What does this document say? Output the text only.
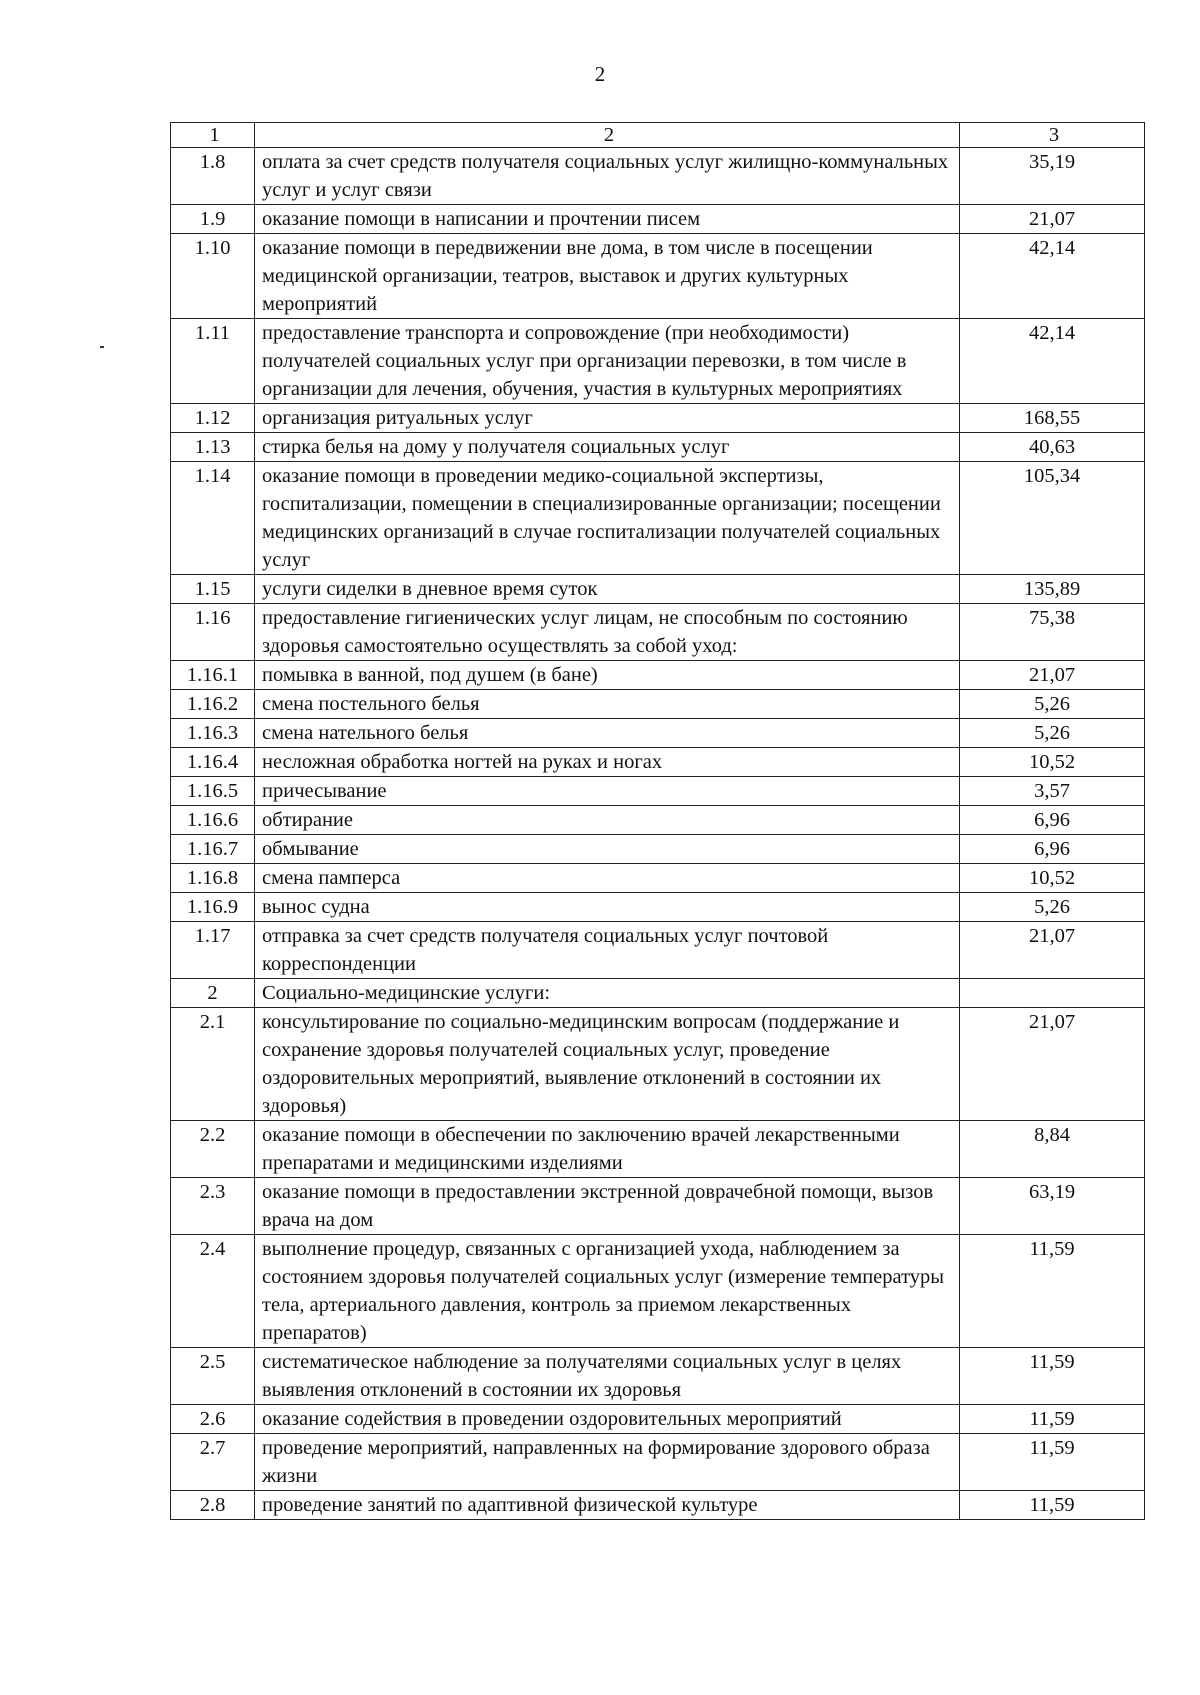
2
1	2	3
1.8	оплата за счет средств получателя социальных услуг жилищно-коммунальных услуг и услуг связи	35,19
1.9	оказание помощи в написании и прочтении писем	21,07
1.10	оказание помощи в передвижении вне дома, в том числе в посещении медицинской организации, театров, выставок и других культурных мероприятий	42,14
1.11	предоставление транспорта и сопровождение (при необходимости) получателей социальных услуг при организации перевозки, в том числе в организации для лечения, обучения, участия в культурных мероприятиях	42,14
1.12	организация ритуальных услуг	168,55
1.13	стирка белья на дому у получателя социальных услуг	40,63
1.14	оказание помощи в проведении медико-социальной экспертизы, госпитализации, помещении в специализированные организации; посещении медицинских организаций в случае госпитализации получателей социальных услуг	105,34
1.15	услуги сиделки в дневное время суток	135,89
1.16	предоставление гигиенических услуг лицам, не способным по состоянию здоровья самостоятельно осуществлять за собой уход:	75,38
1.16.1	помывка в ванной, под душем (в бане)	21,07
1.16.2	смена постельного белья	5,26
1.16.3	смена нательного белья	5,26
1.16.4	несложная обработка ногтей на руках и ногах	10,52
1.16.5	причесывание	3,57
1.16.6	обтирание	6,96
1.16.7	обмывание	6,96
1.16.8	смена памперса	10,52
1.16.9	вынос судна	5,26
1.17	отправка за счет средств получателя социальных услуг почтовой корреспонденции	21,07
2	Социально-медицинские услуги:	
2.1	консультирование по социально-медицинским вопросам (поддержание и сохранение здоровья получателей социальных услуг, проведение оздоровительных мероприятий, выявление отклонений в состоянии их здоровья)	21,07
2.2	оказание помощи в обеспечении по заключению врачей лекарственными препаратами и медицинскими изделиями	8,84
2.3	оказание помощи в предоставлении экстренной доврачебной помощи, вызов врача на дом	63,19
2.4	выполнение процедур, связанных с организацией ухода, наблюдением за состоянием здоровья получателей социальных услуг (измерение температуры тела, артериального давления, контроль за приемом лекарственных препаратов)	11,59
2.5	систематическое наблюдение за получателями социальных услуг в целях выявления отклонений в состоянии их здоровья	11,59
2.6	оказание содействия в проведении оздоровительных мероприятий	11,59
2.7	проведение мероприятий, направленных на формирование здорового образа жизни	11,59
2.8	проведение занятий по адаптивной физической культуре	11,59
